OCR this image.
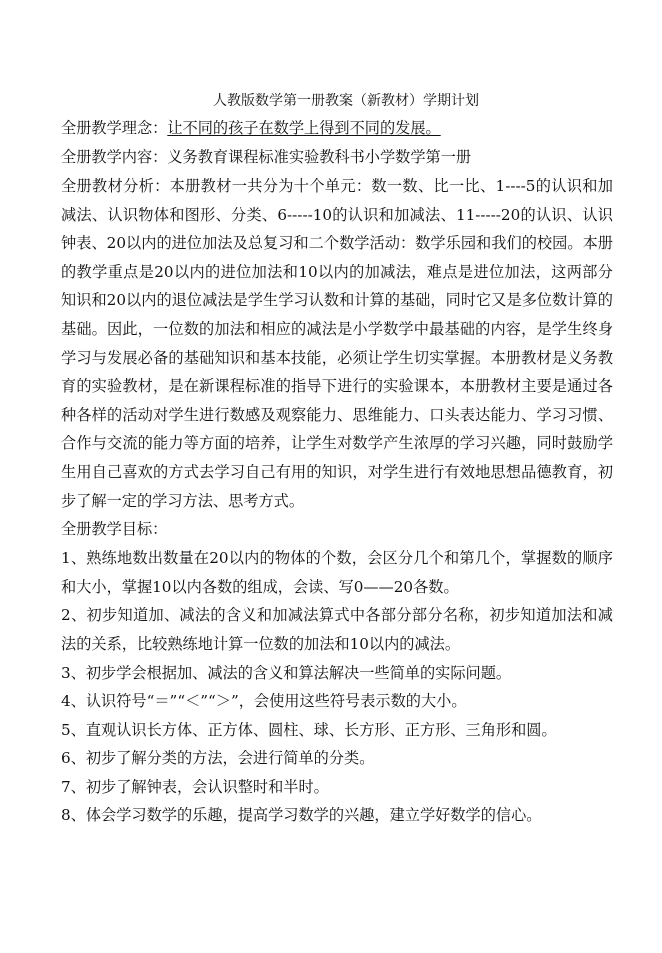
人教版数学第一册教案（新教材）学期计划

全册教学理念：让不同的孩子在数学上得到不同的发展。

全册教学内容：义务教育课程标准实验教科书小学数学第一册

全册教材分析：本册教材一共分为十个单元：数一数、比一比、1----5的认识和加减法、认识物体和图形、分类、6-----10的认识和加减法、11-----20的认识、认识钟表、20以内的进位加法及总复习和二个数学活动：数学乐园和我们的校园。本册的教学重点是20以内的进位加法和10以内的加减法，难点是进位加法，这两部分知识和20以内的退位减法是学生学习认数和计算的基础，同时它又是多位数计算的基础。因此，一位数的加法和相应的减法是小学数学中最基础的内容，是学生终身学习与发展必备的基础知识和基本技能，必须让学生切实掌握。本册教材是义务教育的实验教材，是在新课程标准的指导下进行的实验课本，本册教材主要是通过各种各样的活动对学生进行数感及观察能力、思维能力、口头表达能力、学习习惯、合作与交流的能力等方面的培养，让学生对数学产生浓厚的学习兴趣，同时鼓励学生用自己喜欢的方式去学习自己有用的知识，对学生进行有效地思想品德教育，初步了解一定的学习方法、思考方式。

全册教学目标：

1、熟练地数出数量在20以内的物体的个数，会区分几个和第几个，掌握数的顺序和大小，掌握10以内各数的组成，会读、写0——20各数。

2、初步知道加、减法的含义和加减法算式中各部分部分名称，初步知道加法和减法的关系，比较熟练地计算一位数的加法和10以内的减法。

3、初步学会根据加、减法的含义和算法解决一些简单的实际问题。

4、认识符号“＝”“＜”“＞”，会使用这些符号表示数的大小。

5、直观认识长方体、正方体、圆柱、球、长方形、正方形、三角形和圆。

6、初步了解分类的方法，会进行简单的分类。

7、初步了解钟表，会认识整时和半时。

8、体会学习数学的乐趣，提高学习数学的兴趣，建立学好数学的信心。
